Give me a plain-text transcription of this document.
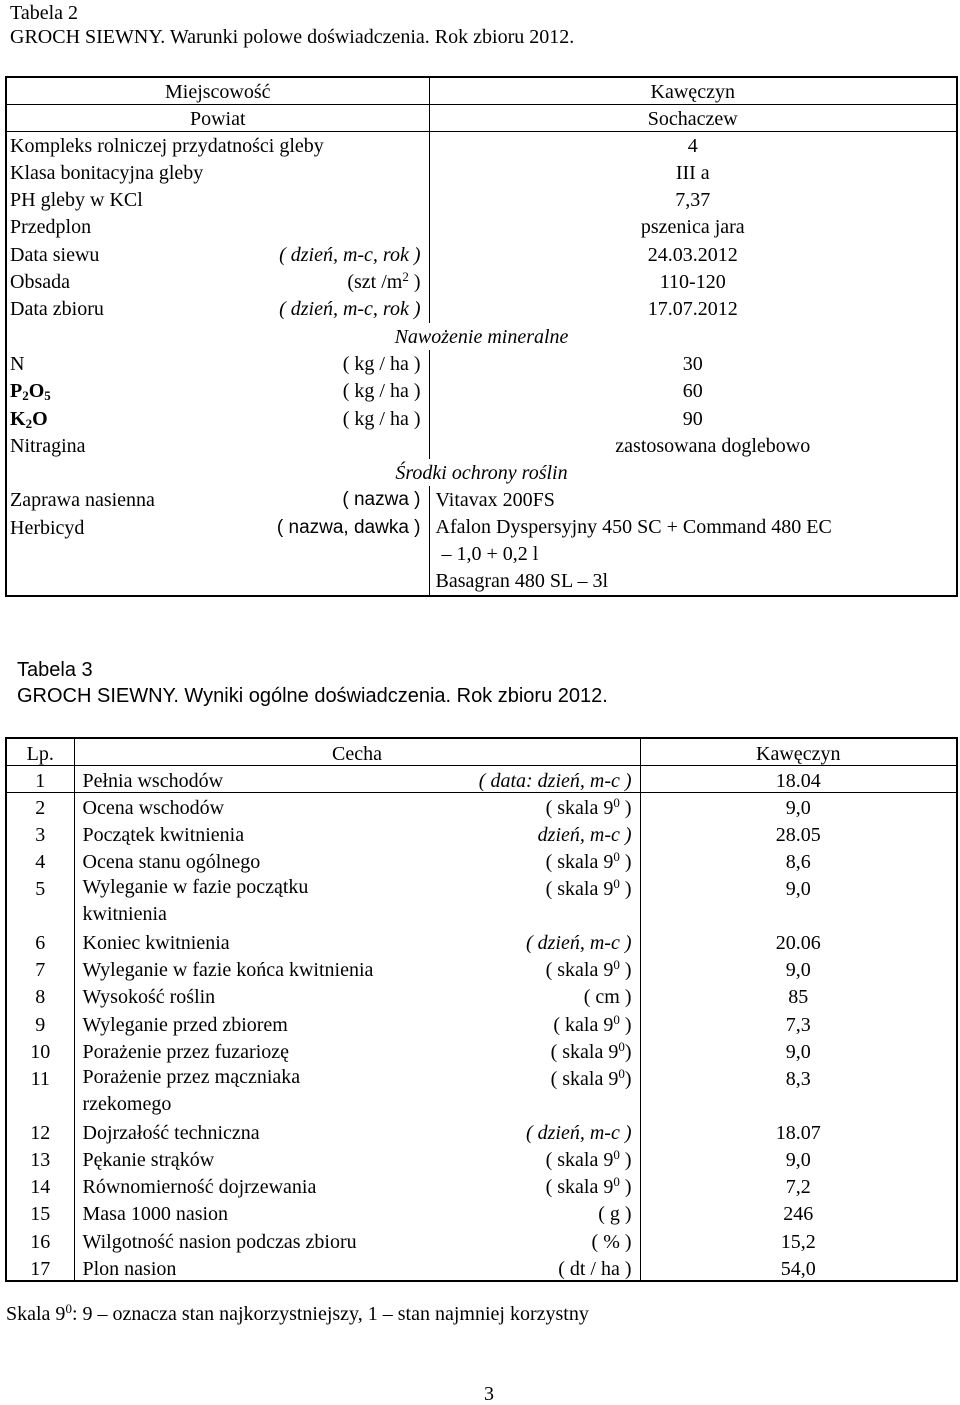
Tabela 2
GROCH SIEWNY. Warunki polowe doświadczenia. Rok zbioru 2012.
Miejscowość		Kawęczyn
Powiat		Sochaczew
Kompleks rolniczej przydatności gleby		4
Klasa bonitacyjna gleby		III a
PH gleby w KCl		7,37
Przedplon		pszenica jara
Data siewu	( dzień, m-c, rok )	24.03.2012
Obsada	(szt $/m^2$ )	110-120
Data zbioru	( dzień, m-c, rok )	17.07.2012
Nawożenie mineralne		
N	( kg / ha )	30
$P_2O_5$	( kg / ha )	60
$K_2O$	( kg / ha )	90
Nitragina		zastosowana doglebowo
Środki ochrony roślin		
Zaprawa nasienna	( nazwa )	Vitavax 200FS
Herbicyd	( nazwa, dawka )	Afalon Dyspersyjny 450 SC + Command 480 EC
– 1,0 + 0,2 l
Basagran 480 SL – 3l
Tabela 3
GROCH SIEWNY. Wyniki ogólne doświadczenia. Rok zbioru 2012.
Lp.	Cecha		Kawęczyn
1	Pełnia wschodów	( data: dzień, m-c )	18.04
2	Ocena wschodów	( skala $9^0$ )	9,0
3	Początek kwitnienia	dzień, m-c )	28.05
4	Ocena stanu ogólnego	( skala $9^0$ )	8,6
5	Wyleganie w fazie początku kwitnienia	( skala $9^0$ )	9,0
6	Koniec kwitnienia	( dzień, m-c )	20.06
7	Wyleganie w fazie końca kwitnienia	( skala $9^0$ )	9,0
8	Wysokość roślin	( cm )	85
9	Wyleganie przed zbiorem	( kala $9^0$ )	7,3
10	Porażenie przez fuzariozę	( skala $9^0$)	9,0
11	Porażenie przez mączniaka rzekomego	( skala $9^0$)	8,3
12	Dojrzałość techniczna	( dzień, m-c )	18.07
13	Pękanie strąków	( skala $9^0$ )	9,0
14	Równomierność dojrzewania	( skala $9^0$ )	7,2
15	Masa 1000 nasion	( g )	246
16	Wilgotność nasion podczas zbioru	( % )	15,2
17	Plon nasion	( dt / ha )	54,0
Skala $9^0$: 9 – oznacza stan najkorzystniejszy, 1 – stan najmniej korzystny
3
